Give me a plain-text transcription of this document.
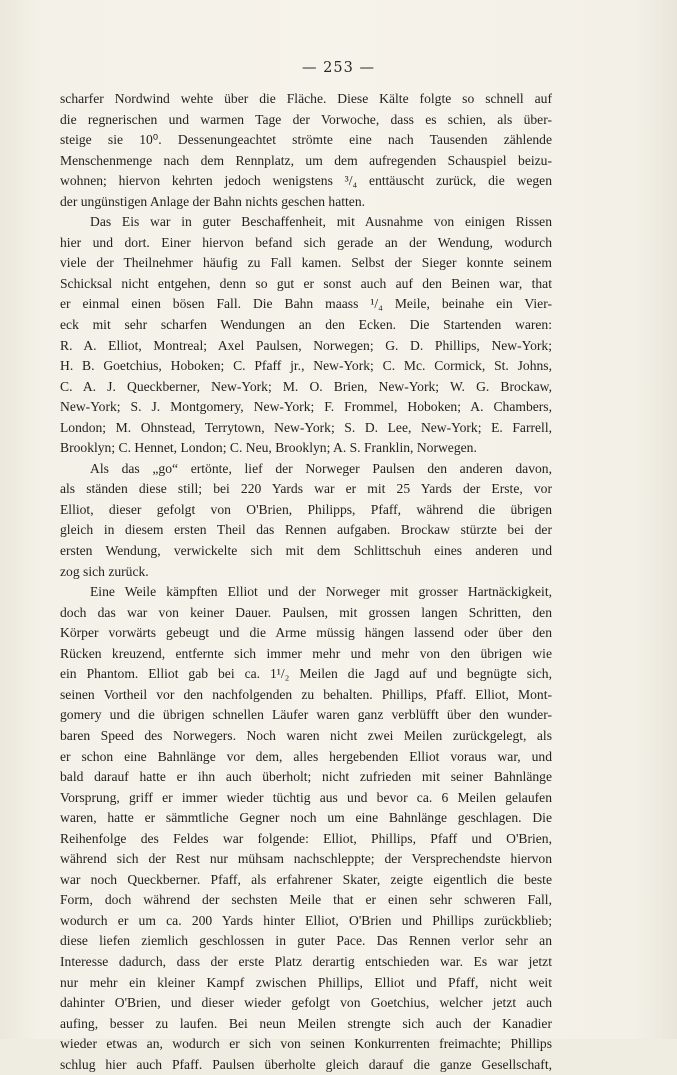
— 253 —
scharfer Nordwind wehte über die Fläche. Diese Kälte folgte so schnell auf
die regnerischen und warmen Tage der Vorwoche, dass es schien, als über-
steige sie 10⁰. Dessenungeachtet strömte eine nach Tausenden zählende
Menschenmenge nach dem Rennplatz, um dem aufregenden Schauspiel beizu-
wohnen; hiervon kehrten jedoch wenigstens ³/₄ enttäuscht zurück, die wegen
der ungünstigen Anlage der Bahn nichts geschen hatten.
Das Eis war in guter Beschaffenheit, mit Ausnahme von einigen Rissen
hier und dort. Einer hiervon befand sich gerade an der Wendung, wodurch
viele der Theilnehmer häufig zu Fall kamen. Selbst der Sieger konnte seinem
Schicksal nicht entgehen, denn so gut er sonst auch auf den Beinen war, that
er einmal einen bösen Fall. Die Bahn maass ¹/₄ Meile, beinahe ein Vier-
eck mit sehr scharfen Wendungen an den Ecken. Die Startenden waren:
R. A. Elliot, Montreal; Axel Paulsen, Norwegen; G. D. Phillips, New-York;
H. B. Goetchius, Hoboken; C. Pfaff jr., New-York; C. Mc. Cormick, St. Johns,
C. A. J. Queckberner, New-York; M. O. Brien, New-York; W. G. Brockaw,
New-York; S. J. Montgomery, New-York; F. Frommel, Hoboken; A. Chambers,
London; M. Ohnstead, Terrytown, New-York; S. D. Lee, New-York; E. Farrell,
Brooklyn; C. Hennet, London; C. Neu, Brooklyn; A. S. Franklin, Norwegen.
Als das „go“ ertönte, lief der Norweger Paulsen den anderen davon,
als ständen diese still; bei 220 Yards war er mit 25 Yards der Erste, vor
Elliot, dieser gefolgt von O'Brien, Philipps, Pfaff, während die übrigen
gleich in diesem ersten Theil das Rennen aufgaben. Brockaw stürzte bei der
ersten Wendung, verwickelte sich mit dem Schlittschuh eines anderen und
zog sich zurück.
Eine Weile kämpften Elliot und der Norweger mit grosser Hartnäckigkeit,
doch das war von keiner Dauer. Paulsen, mit grossen langen Schritten, den
Körper vorwärts gebeugt und die Arme müssig hängen lassend oder über den
Rücken kreuzend, entfernte sich immer mehr und mehr von den übrigen wie
ein Phantom. Elliot gab bei ca. 1¹/₂ Meilen die Jagd auf und begnügte sich,
seinen Vortheil vor den nachfolgenden zu behalten. Phillips, Pfaff. Elliot, Mont-
gomery und die übrigen schnellen Läufer waren ganz verblüfft über den wunder-
baren Speed des Norwegers. Noch waren nicht zwei Meilen zurückgelegt, als
er schon eine Bahnlänge vor dem, alles hergebenden Elliot voraus war, und
bald darauf hatte er ihn auch überholt; nicht zufrieden mit seiner Bahnlänge
Vorsprung, griff er immer wieder tüchtig aus und bevor ca. 6 Meilen gelaufen
waren, hatte er sämmtliche Gegner noch um eine Bahnlänge geschlagen. Die
Reihenfolge des Feldes war folgende: Elliot, Phillips, Pfaff und O'Brien,
während sich der Rest nur mühsam nachschleppte; der Versprechendste hiervon
war noch Queckberner. Pfaff, als erfahrener Skater, zeigte eigentlich die beste
Form, doch während der sechsten Meile that er einen sehr schweren Fall,
wodurch er um ca. 200 Yards hinter Elliot, O'Brien und Phillips zurückblieb;
diese liefen ziemlich geschlossen in guter Pace. Das Rennen verlor sehr an
Interesse dadurch, dass der erste Platz derartig entschieden war. Es war jetzt
nur mehr ein kleiner Kampf zwischen Phillips, Elliot und Pfaff, nicht weit
dahinter O'Brien, und dieser wieder gefolgt von Goetchius, welcher jetzt auch
aufing, besser zu laufen. Bei neun Meilen strengte sich auch der Kanadier
wieder etwas an, wodurch er sich von seinen Konkurrenten freimachte; Phillips
schlug hier auch Pfaff. Paulsen überholte gleich darauf die ganze Gesellschaft,
